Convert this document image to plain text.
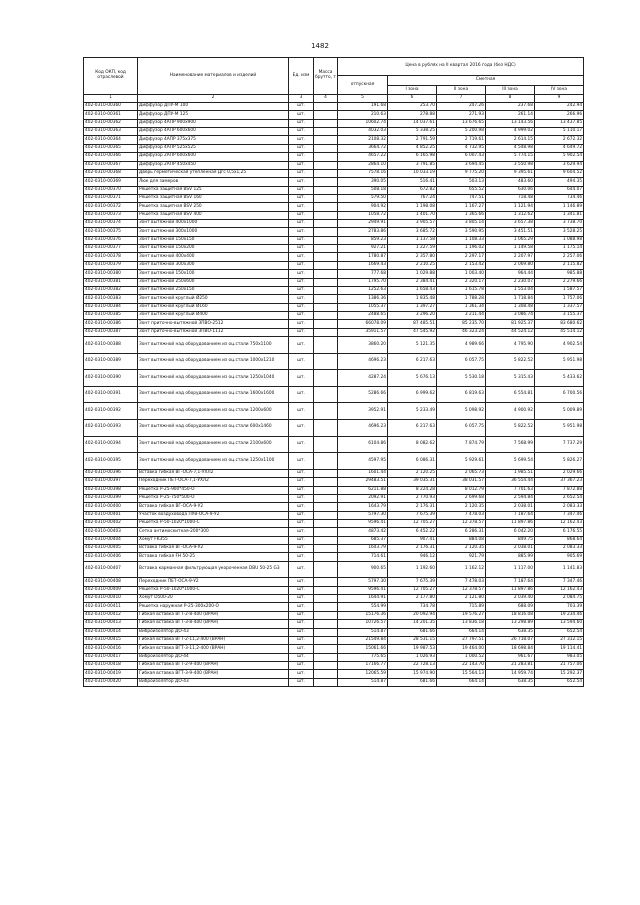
1482
Код ОКП, код отраслевой	Наименование материалов и изделий	Ед. изм	Масса брутто, т	Цена в рублях на II квартал 2016 года (без НДС)				
				отпускная	Сметная			
					I зона	II зона	III зона	IV зона
1	2	3	4	5	6	7	8	9
402-0310-00360	Диффузор ДПУ-М 100	шт.		191.68	253.70	247.26	237.68	242.94
402-0310-00361	Диффузор ДПУ-М 125	шт.		210.63	278.88	271.93	261.14	266.96
402-0310-00362	Диффузор 4АПР 900х900	шт.		10602.74	14 037.61	13 676.65	13 143.56	13 437.85
402-0310-00363	Диффузор 4АПР 600х600	шт.		4032.03	5 338.25	5 200.98	4 999.02	5 110.17
402-0310-00364	Диффузор 4АПР 375х375	шт.		2108.32	2 791.59	2 719.61	2 614.15	2 672.32
402-0310-00365	Диффузор 4АПР 525х525	шт.		3664.72	4 852.25	4 732.95	4 548.98	4 649.72
402-0310-00366	Диффузор 2АПР 600х600	шт.		4657.22	6 165.98	6 007.43	5 774.15	5 902.54
402-0310-00367	Диффузор 2АПР 450х450	шт.		2864.10	3 791.85	3 694.45	3 550.98	3 629.94
402-0310-00368	Дверь герметическая утепленная Дгс 0,5х1,25	шт.		7578.16	10 033.19	9 775.20	9 395.61	9 604.52
402-0310-00369	Люк для замеров	шт.		390.05	516.41	503.13	483.60	494.35
402-0310-00370	Решетка защитная BSV 125	шт.		508.18	672.82	655.52	630.06	644.07
402-0310-00371	Решетка защитная BSV 160	шт.		579.50	767.24	747.51	718.48	734.46
402-0310-00372	Решетка защитная BSV 250	шт.		904.92	1 198.08	1 167.27	1 121.94	1 146.89
402-0310-00373	Решетка защитная BSV 400	шт.		1058.72	1 401.70	1 365.66	1 312.62	1 341.81
402-0310-00374	Зонт вытяжной 400х1000	шт.		2949.91	3 905.57	3 805.14	3 657.38	3 738.70
402-0310-00375	Зонт вытяжной 300х1000	шт.		2783.86	3 685.72	3 590.95	3 451.51	3 528.25
402-0310-00376	Зонт вытяжной 150х150	шт.		859.23	1 137.58	1 108.33	1 065.29	1 088.98
402-0310-00377	Зонт вытяжной 150х200	шт.		927.21	1 227.59	1 196.02	1 149.58	1 175.14
402-0310-00378	Зонт вытяжной 400х400	шт.		1780.87	2 357.80	2 297.17	2 207.97	2 257.06
402-0310-00379	Зонт вытяжной 300х300	шт.		1669.43	2 210.25	2 153.42	2 069.80	2 115.82
402-0310-00380	Зонт вытяжной 150х100	шт.		777.68	1 029.88	1 003.40	964.44	985.88
402-0310-00381	Зонт вытяжной 250х600	шт.		1795.70	2 384.41	2 320.17	2 230.07	2 279.66
402-0310-00382	Зонт вытяжной 250х150	шт.		1252.63	1 658.43	1 615.78	1 553.04	1 587.57
402-0310-00383	Зонт вытяжной круглый Ø250	шт.		1386.36	1 835.48	1 788.28	1 718.84	1 757.06
402-0310-00384	Зонт вытяжной круглый Ø160	шт.		1055.37	1 397.27	1 361.34	1 308.48	1 337.57
402-0310-00385	Зонт вытяжной круглый Ø400	шт.		2488.65	3 296.20	3 211.44	3 086.74	3 155.37
402-0310-00386	Зонт приточно-вытяжной ЗПВО-2512	шт.		66078.09	87 485.51	85 235.70	81 925.37	83 680.62
402-0310-00387	Зонт приточно-вытяжной ЗПВО-1112	шт.		35911.57	47 545.92	46 323.24	44 524.12	45 514.12
402-0310-00388	Зонт вытяжной над оборудованием из оц.стали 750х1100	шт.		3860.20	5 121.35	4 989.66	4 795.90	4 902.54
402-0310-00389	Зонт вытяжной над оборудованием из оц.стали 1000х1210	шт.		4696.23	6 217.63	6 057.75	5 822.52	5 951.98
402-0310-00390	Зонт вытяжной над оборудованием из оц.стали 1250х1040	шт.		4287.24	5 676.13	5 530.18	5 315.43	5 433.62
402-0310-00391	Зонт вытяжной над оборудованием из оц.стали 1600х1600	шт.		5286.66	6 999.62	6 819.63	6 554.81	6 700.56
402-0310-00392	Зонт вытяжной над оборудованием из оц.стали 1200х600	шт.		3952.91	5 233.49	5 098.92	4 900.92	5 009.89
402-0310-00393	Зонт вытяжной над оборудованием из оц.стали 600х1460	шт.		4696.23	6 217.63	6 057.75	5 822.52	5 951.98
402-0310-00394	Зонт вытяжной над оборудованием из оц.стали 2100х600	шт.		6104.86	8 082.62	7 874.79	7 568.99	7 737.29
402-0310-00395	Зонт вытяжной над оборудованием из оц.стали 1250х1100	шт.		4597.95	6 086.31	5 929.61	5 699.54	5 826.27
402-0310-00396	Вставка гибкая ВГ-ОСА-7,1-УХЛ2	шт.		1601.44	2 120.25	2 065.73	1 985.51	2 029.66
402-0310-00397	Переходник ПЕТ-ОСА-7,1-УХЛ2	шт.		29483.51	39 035.31	38 031.57	36 554.44	37 367.23
402-0310-00398	Решетка Р-25-900*450-О	шт.		6211.88	8 224.28	8 012.79	7 701.63	7 872.88
402-0310-00399	Решетка Р-25-750*500-О	шт.		2092.91	2 770.93	2 699.68	2 594.84	2 652.54
402-0310-00400	Вставка гибкая ВГ-ОСА-9-У2	шт.		1643.79	2 176.31	2 120.35	2 038.01	2 083.33
402-0310-00401	Участок воздуховода ПУВ-ОСА-9-У2	шт.		5797.30	7 675.39	7 478.03	7 187.64	7 347.46
402-0310-00402	Решетка Р-50-1020*1000-С	шт.		9596.41	12 705.27	12 378.57	11 897.86	12 162.43
402-0310-00403	Сетка антимоскитная-200*300	шт.		4873.42	6 452.22	6 286.31	6 042.20	6 176.55
402-0310-00404	Хомут FK355	шт.		685.37	907.41	884.08	849.75	868.64
402-0310-00405	Вставка гибкая ВГ-ОСА-9-У2	шт.		1643.79	2 176.31	2 120.35	2 038.01	2 083.33
402-0310-00406	Вставка гибкая FH 50-25	шт.		714.61	946.12	921.79	885.99	905.69
402-0310-00407	Вставка карманная фильтрующая укороченная DBU 50-25 G3	шт.		900.65	1 192.60	1 162.12	1 117.00	1 141.83
402-0310-00408	Переходник ПЕТ-ОСА-9-У2	шт.		5797.30	7 675.39	7 478.03	7 187.64	7 347.46
402-0310-00409	Решетка Р-50-1020*1000-С	шт.		9596.41	12 705.27	12 378.57	11 897.86	12 162.43
402-0310-00410	Хомут D500-20	шт.		1644.91	2 177.80	2 121.80	2 039.40	2 084.75
402-0310-00411	Решетка наружная Р-25-300х200-О	шт.		554.99	734.78	715.89	688.09	703.39
402-0310-00412	Гибкая вставка ВГТ-2-8-400 (ВРАН)	шт.		15176.36	20 092.94	19 576.27	18 816.08	19 234.46
402-0310-00413	Гибкая вставка ВГТ-3-8-400 (ВРАН)	шт.		10726.57	14 201.35	13 836.18	13 298.89	13 594.60
402-0310-00414	Виброизолятор ДО-43	шт.		514.87	681.66	664.14	638.35	652.54
402-0310-00415	Гибкая вставка ВГТ-2-11,2-400 (ВРАН)	шт.		21549.84	28 531.15	27 797.51	26 718.07	27 312.15
402-0310-00416	Гибкая вставка ВГТ-3-11,2-400 (ВРАН)	шт.		15061.66	19 987.53	19 464.00	18 698.84	19 114.41
402-0310-00417	Виброизолятор ДО-44	шт.		775.65	1 026.93	1 000.52	961.67	983.05
402-0310-00418	Гибкая вставка ВГТ-2-9-400 (ВРАН)	шт.		17166.77	22 728.13	22 143.70	21 283.81	21 757.06
402-0310-00419	Гибкая вставка ВГТ-3-9-400 (ВРАН)	шт.		12065.59	15 974.90	15 564.13	14 959.74	15 292.37
402-0310-00420	Виброизолятор ДО-43	шт.		514.87	681.66	664.14	638.35	652.54
